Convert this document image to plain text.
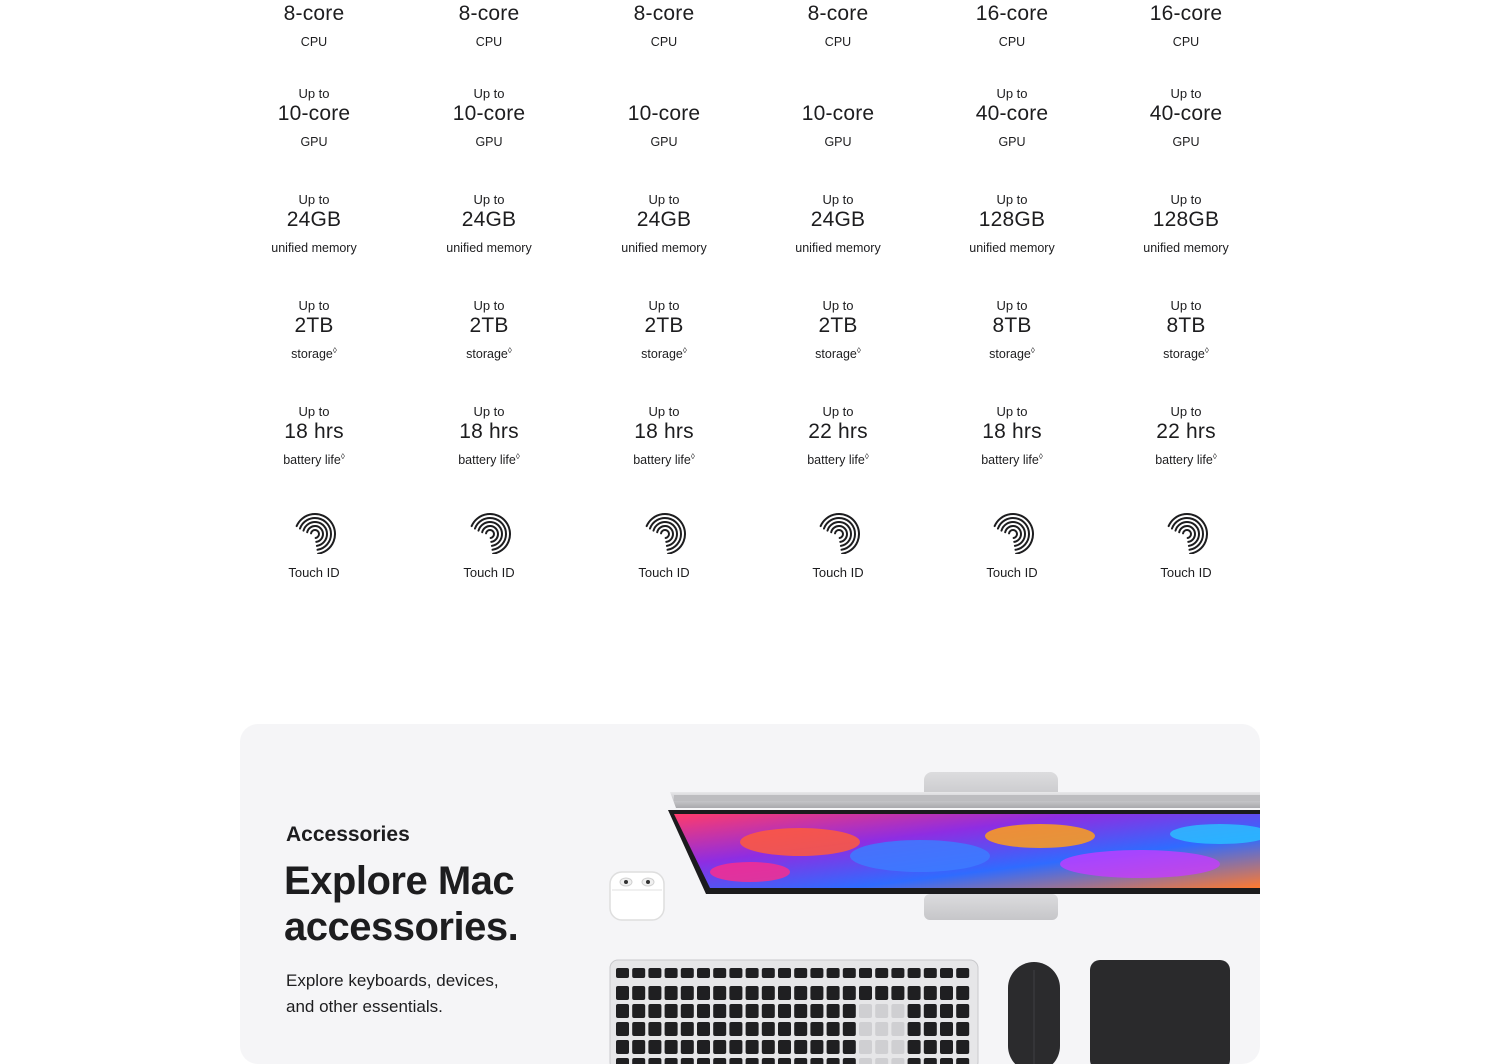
8-core
CPU
Up to
10-core
GPU
Up to
24GB
unified memory
Up to
2TB
storage◊
Up to
18 hrs
battery life◊
Touch ID
8-core
CPU
Up to
10-core
GPU
Up to
24GB
unified memory
Up to
2TB
storage◊
Up to
18 hrs
battery life◊
Touch ID
8-core
CPU
10-core
GPU
Up to
24GB
unified memory
Up to
2TB
storage◊
Up to
18 hrs
battery life◊
Touch ID
8-core
CPU
10-core
GPU
Up to
24GB
unified memory
Up to
2TB
storage◊
Up to
22 hrs
battery life◊
Touch ID
16-core
CPU
Up to
40-core
GPU
Up to
128GB
unified memory
Up to
8TB
storage◊
Up to
18 hrs
battery life◊
Touch ID
16-core
CPU
Up to
40-core
GPU
Up to
128GB
unified memory
Up to
8TB
storage◊
Up to
22 hrs
battery life◊
Touch ID
Accessories
Explore Mac
accessories.
Explore keyboards, devices,
and other essentials.
